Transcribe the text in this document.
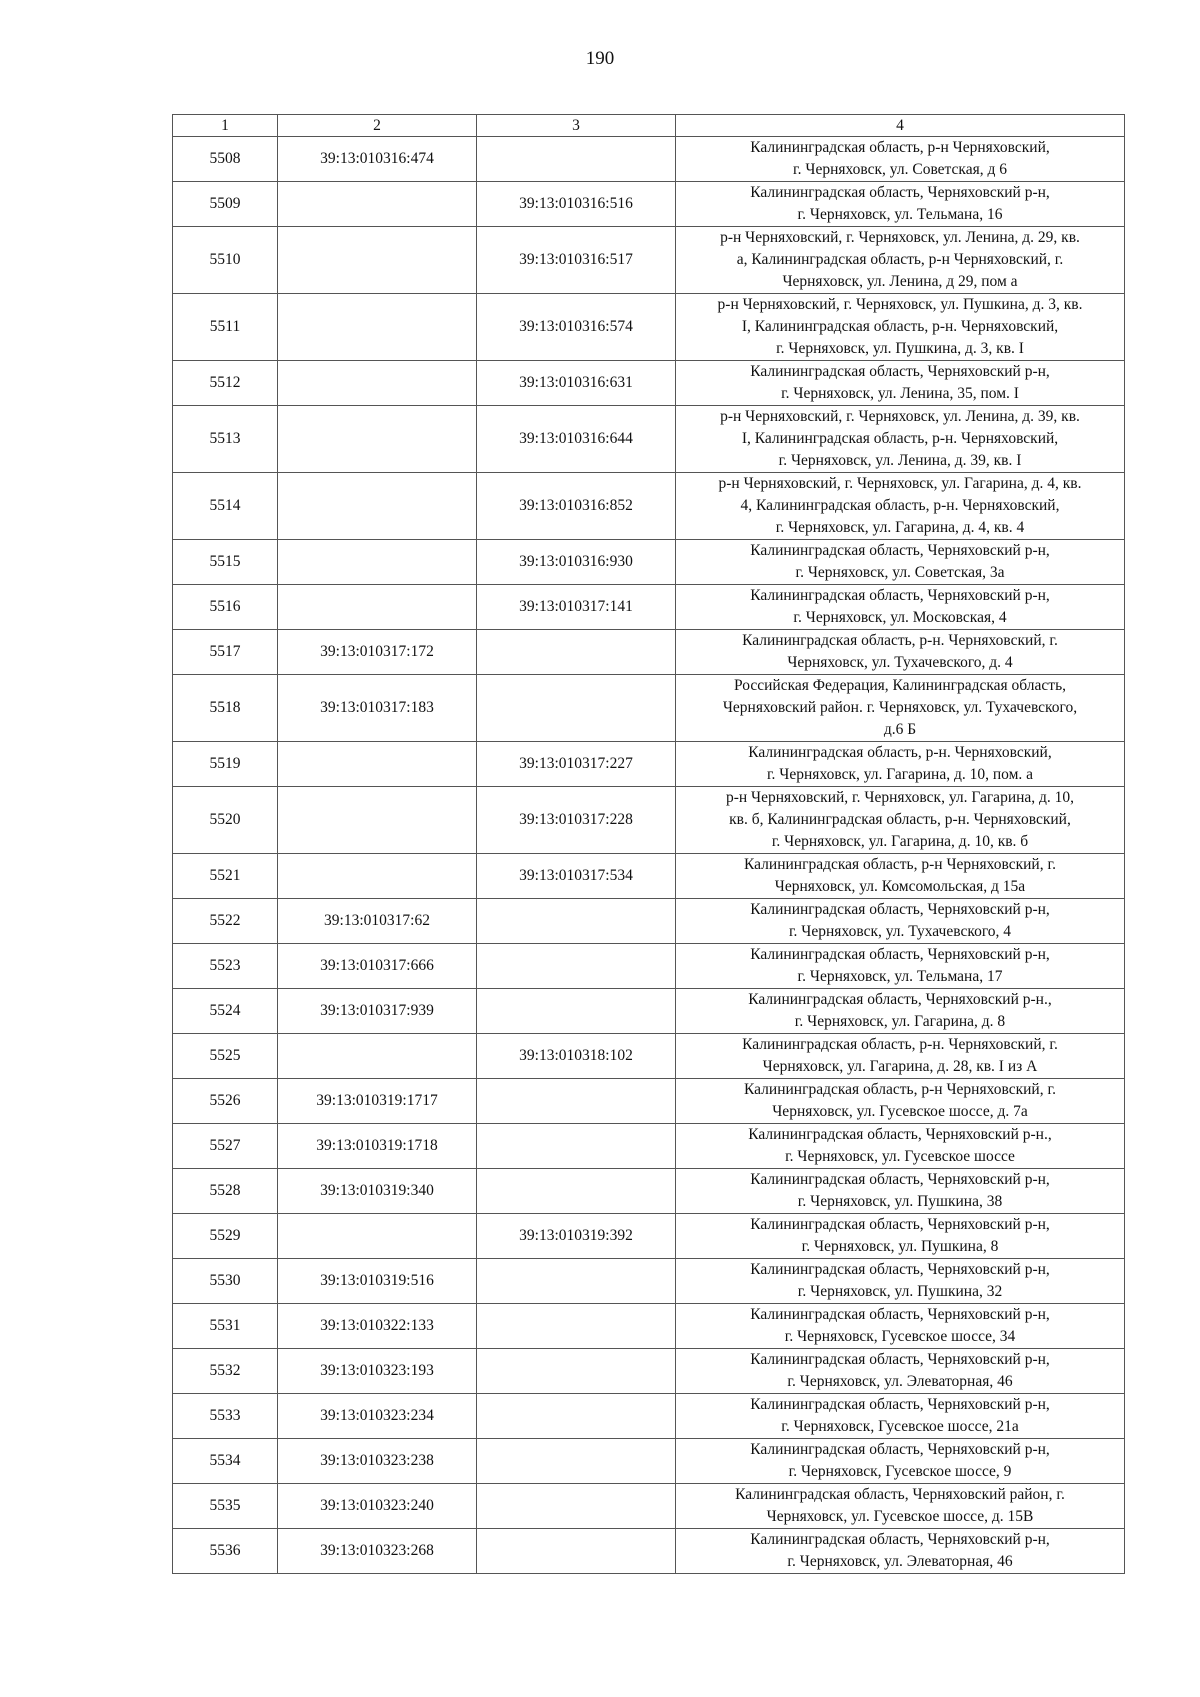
190
1	2	3	4
5508	39:13:010316:474		Калининградская область, р-н Черняховский,
г. Черняховск, ул. Советская, д 6

5509		39:13:010316:516	Калининградская область, Черняховский р-н,
г. Черняховск, ул. Тельмана, 16

5510		39:13:010316:517	р-н Черняховский, г. Черняховск, ул. Ленина, д. 29, кв.
а, Калининградская область, р-н Черняховский, г.
Черняховск, ул. Ленина, д 29, пом а

5511		39:13:010316:574	р-н Черняховский, г. Черняховск, ул. Пушкина, д. 3, кв.
I, Калининградская область, р-н. Черняховский,
г. Черняховск, ул. Пушкина, д. 3, кв. I

5512		39:13:010316:631	Калининградская область, Черняховский р-н,
г. Черняховск, ул. Ленина, 35, пом. I

5513		39:13:010316:644	р-н Черняховский, г. Черняховск, ул. Ленина, д. 39, кв.
I, Калининградская область, р-н. Черняховский,
г. Черняховск, ул. Ленина, д. 39, кв. I

5514		39:13:010316:852	р-н Черняховский, г. Черняховск, ул. Гагарина, д. 4, кв.
4, Калининградская область, р-н. Черняховский,
г. Черняховск, ул. Гагарина, д. 4, кв. 4

5515		39:13:010316:930	Калининградская область, Черняховский р-н,
г. Черняховск, ул. Советская, 3а

5516		39:13:010317:141	Калининградская область, Черняховский р-н,
г. Черняховск, ул. Московская, 4

5517	39:13:010317:172		Калининградская область, р-н. Черняховский, г.
Черняховск, ул. Тухачевского, д. 4

5518	39:13:010317:183		Российская Федерация, Калининградская область,
Черняховский район. г. Черняховск, ул. Тухачевского,
д.6 Б

5519		39:13:010317:227	Калининградская область, р-н. Черняховский,
г. Черняховск, ул. Гагарина, д. 10, пом. а

5520		39:13:010317:228	р-н Черняховский, г. Черняховск, ул. Гагарина, д. 10,
кв. б, Калининградская область, р-н. Черняховский,
г. Черняховск, ул. Гагарина, д. 10, кв. б

5521		39:13:010317:534	Калининградская область, р-н Черняховский, г.
Черняховск, ул. Комсомольская, д 15а

5522	39:13:010317:62		Калининградская область, Черняховский р-н,
г. Черняховск, ул. Тухачевского, 4

5523	39:13:010317:666		Калининградская область, Черняховский р-н,
г. Черняховск, ул. Тельмана, 17

5524	39:13:010317:939		Калининградская область, Черняховский р-н.,
г. Черняховск, ул. Гагарина, д. 8

5525		39:13:010318:102	Калининградская область, р-н. Черняховский, г.
Черняховск, ул. Гагарина, д. 28, кв. I из А

5526	39:13:010319:1717		Калининградская область, р-н Черняховский, г.
Черняховск, ул. Гусевское шоссе, д. 7а

5527	39:13:010319:1718		Калининградская область, Черняховский р-н.,
г. Черняховск, ул. Гусевское шоссе

5528	39:13:010319:340		Калининградская область, Черняховский р-н,
г. Черняховск, ул. Пушкина, 38

5529		39:13:010319:392	Калининградская область, Черняховский р-н,
г. Черняховск, ул. Пушкина, 8

5530	39:13:010319:516		Калининградская область, Черняховский р-н,
г. Черняховск, ул. Пушкина, 32

5531	39:13:010322:133		Калининградская область, Черняховский р-н,
г. Черняховск, Гусевское шоссе, 34

5532	39:13:010323:193		Калининградская область, Черняховский р-н,
г. Черняховск, ул. Элеваторная, 46

5533	39:13:010323:234		Калининградская область, Черняховский р-н,
г. Черняховск, Гусевское шоссе, 21а

5534	39:13:010323:238		Калининградская область, Черняховский р-н,
г. Черняховск, Гусевское шоссе, 9

5535	39:13:010323:240		Калининградская область, Черняховский район, г.
Черняховск, ул. Гусевское шоссе, д. 15В

5536	39:13:010323:268		Калининградская область, Черняховский р-н,
г. Черняховск, ул. Элеваторная, 46
